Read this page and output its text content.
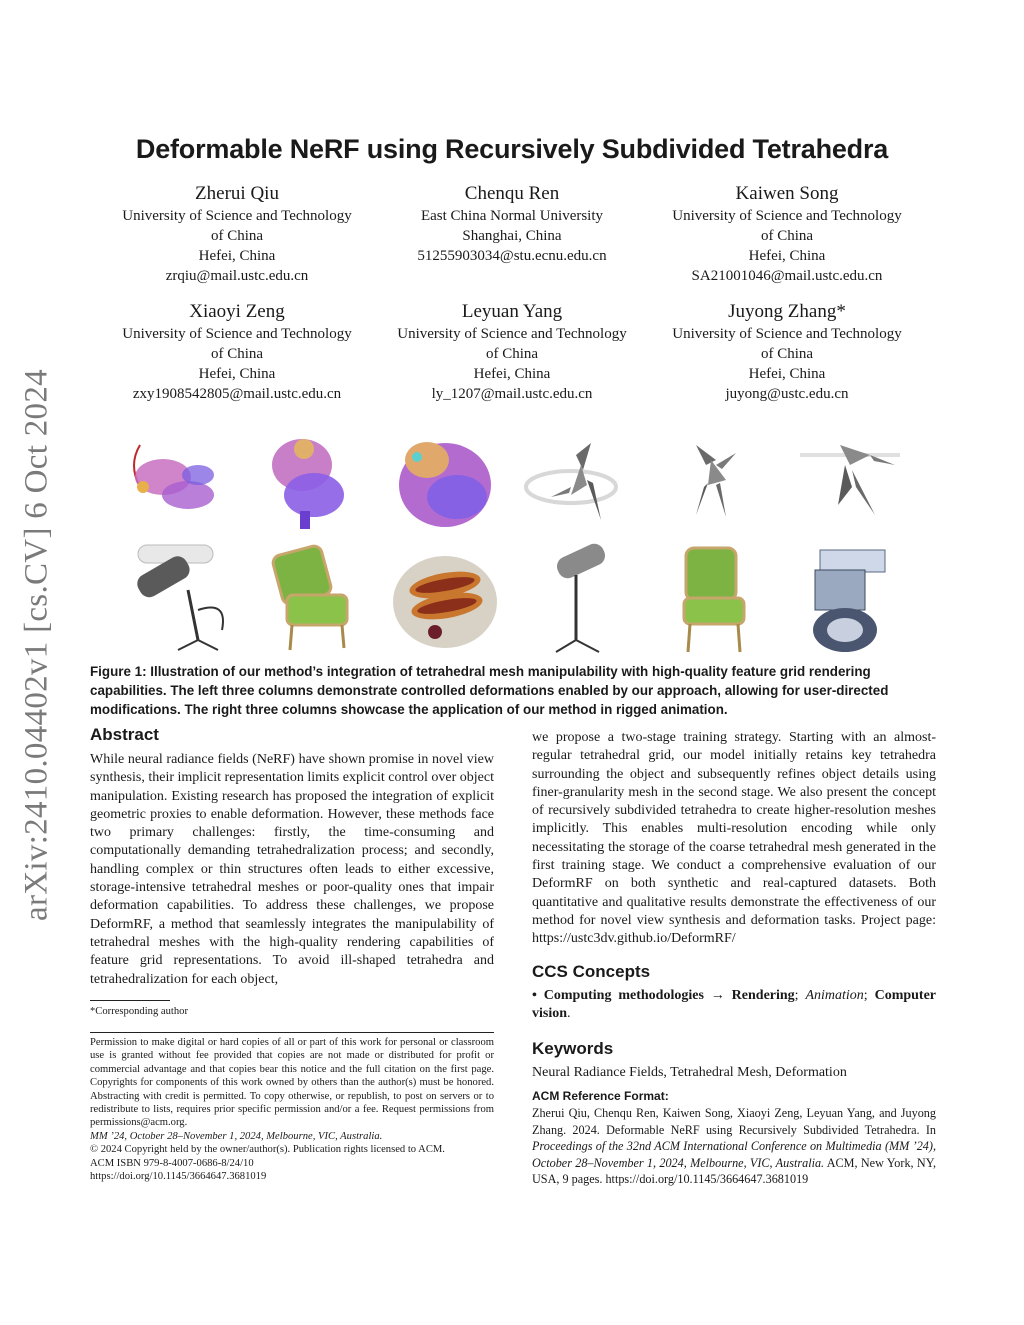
arXiv:2410.04402v1 [cs.CV] 6 Oct 2024
Deformable NeRF using Recursively Subdivided Tetrahedra
Zherui Qiu
University of Science and Technology
of China
Hefei, China
zrqiu@mail.ustc.edu.cn
Chenqu Ren
East China Normal University
Shanghai, China
51255903034@stu.ecnu.edu.cn
Kaiwen Song
University of Science and Technology
of China
Hefei, China
SA21001046@mail.ustc.edu.cn
Xiaoyi Zeng
University of Science and Technology
of China
Hefei, China
zxy1908542805@mail.ustc.edu.cn
Leyuan Yang
University of Science and Technology
of China
Hefei, China
ly_1207@mail.ustc.edu.cn
Juyong Zhang*
University of Science and Technology
of China
Hefei, China
juyong@ustc.edu.cn
Figure 1: Illustration of our method’s integration of tetrahedral mesh manipulability with high-quality feature grid rendering capabilities. The left three columns demonstrate controlled deformations enabled by our approach, allowing for user-directed modifications. The right three columns showcase the application of our method in rigged animation.
Abstract
While neural radiance fields (NeRF) have shown promise in novel view synthesis, their implicit representation limits explicit control over object manipulation. Existing research has proposed the integration of explicit geometric proxies to enable deformation. However, these methods face two primary challenges: firstly, the time-consuming and computationally demanding tetrahedralization process; and secondly, handling complex or thin structures often leads to either excessive, storage-intensive tetrahedral meshes or poor-quality ones that impair deformation capabilities. To address these challenges, we propose DeformRF, a method that seamlessly integrates the manipulability of tetrahedral meshes with the high-quality rendering capabilities of feature grid representations. To avoid ill-shaped tetrahedra and tetrahedralization for each object,
*Corresponding author
Permission to make digital or hard copies of all or part of this work for personal or classroom use is granted without fee provided that copies are not made or distributed for profit or commercial advantage and that copies bear this notice and the full citation on the first page. Copyrights for components of this work owned by others than the author(s) must be honored. Abstracting with credit is permitted. To copy otherwise, or republish, to post on servers or to redistribute to lists, requires prior specific permission and/or a fee. Request permissions from permissions@acm.org.
MM ’24, October 28–November 1, 2024, Melbourne, VIC, Australia.
© 2024 Copyright held by the owner/author(s). Publication rights licensed to ACM.
ACM ISBN 979-8-4007-0686-8/24/10
https://doi.org/10.1145/3664647.3681019
we propose a two-stage training strategy. Starting with an almost-regular tetrahedral grid, our model initially retains key tetrahedra surrounding the object and subsequently refines object details using finer-granularity mesh in the second stage. We also present the concept of recursively subdivided tetrahedra to create higher-resolution meshes implicitly. This enables multi-resolution encoding while only necessitating the storage of the coarse tetrahedral mesh generated in the first training stage. We conduct a comprehensive evaluation of our DeformRF on both synthetic and real-captured datasets. Both quantitative and qualitative results demonstrate the effectiveness of our method for novel view synthesis and deformation tasks. Project page: https://ustc3dv.github.io/DeformRF/
CCS Concepts
• Computing methodologies → Rendering; Animation; Computer vision.
Keywords
Neural Radiance Fields, Tetrahedral Mesh, Deformation
ACM Reference Format:
Zherui Qiu, Chenqu Ren, Kaiwen Song, Xiaoyi Zeng, Leyuan Yang, and Juyong Zhang. 2024. Deformable NeRF using Recursively Subdivided Tetrahedra. In Proceedings of the 32nd ACM International Conference on Multimedia (MM ’24), October 28–November 1, 2024, Melbourne, VIC, Australia. ACM, New York, NY, USA, 9 pages. https://doi.org/10.1145/3664647.3681019
